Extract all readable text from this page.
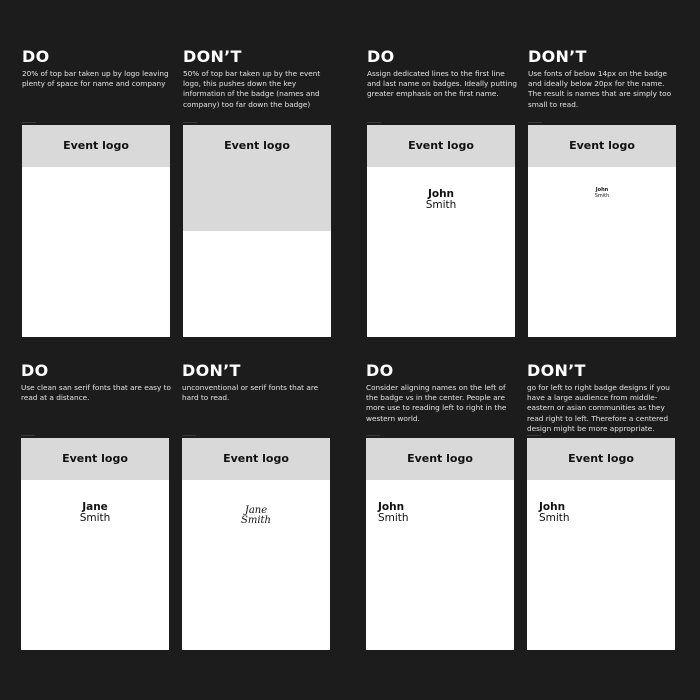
DO
20% of top bar taken up by logo leaving plenty of space for name and company
Event logo
DON’T
50% of top bar taken up by the event logo, this pushes down the key information of the badge (names and company) too far down the badge)
Event logo
DO
Assign dedicated lines to the first line and last name on badges. Ideally putting greater emphasis on the first name.
Event logo
John
Smith
DON’T
Use fonts of below 14px on the badge and ideally below 20px for the name. The result is names that are simply too small to read.
Event logo
John
Smith
DO
Use clean san serif fonts that are easy to read at a distance.
Event logo
Jane
Smith
DON’T
unconventional or serif fonts that are hard to read.
Event logo
Jane
Smith
DO
Consider aligning names on the left of the badge vs in the center. People are more use to reading left to right in the western world.
Event logo
John
Smith
DON’T
go for left to right badge designs if you have a large audience from middle-eastern or asian communities as they read right to left. Therefore a centered design might be more appropriate.
Event logo
John
Smith
